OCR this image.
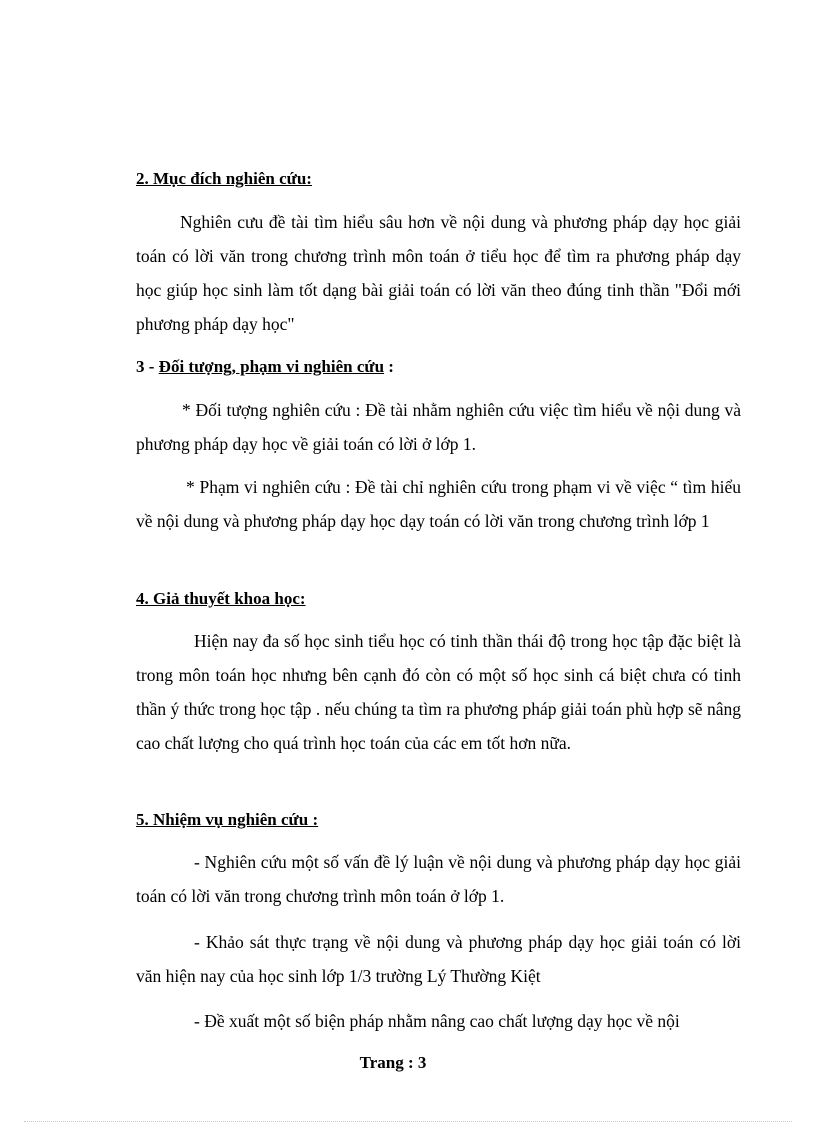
2. Mục đích nghiên cứu:
Nghiên cưu đề tài tìm hiểu sâu hơn về nội dung và phương pháp dạy học giải toán có lời văn trong chương trình môn toán ở tiểu học để tìm ra phương pháp dạy học giúp học sinh làm tốt dạng bài giải toán có lời văn theo đúng tinh thần "Đổi mới phương pháp dạy học"
3 - Đối tượng, phạm vi nghiên cứu :
* Đối tượng nghiên cứu : Đề tài nhằm nghiên cứu việc tìm hiểu về nội dung và phương pháp dạy học về giải toán có lời ở lớp 1.
* Phạm vi nghiên cứu : Đề tài chỉ nghiên cứu trong phạm vi về việc “ tìm hiểu về nội dung và phương pháp dạy học dạy toán có lời văn trong chương trình lớp 1
4. Giả thuyết khoa học:
Hiện nay đa số học sinh tiểu học có tinh thần thái độ trong học tập đặc biệt là trong môn toán học nhưng bên cạnh đó còn có một số học sinh cá biệt chưa có tinh thần ý thức trong học tập . nếu chúng ta tìm ra phương pháp giải toán phù hợp sẽ nâng cao chất lượng cho quá trình học toán của các em tốt hơn nữa.
5. Nhiệm vụ nghiên cứu :
- Nghiên cứu một số vấn đề lý luận về nội dung và phương pháp dạy học giải toán có lời văn trong chương trình môn toán ở lớp 1.
- Khảo sát thực trạng về nội dung và phương pháp dạy học giải toán có lời văn hiện nay của học sinh lớp 1/3 trường Lý Thường Kiệt
- Đề xuất một số biện pháp nhằm nâng cao chất lượng dạy học về nội
Trang : 3
